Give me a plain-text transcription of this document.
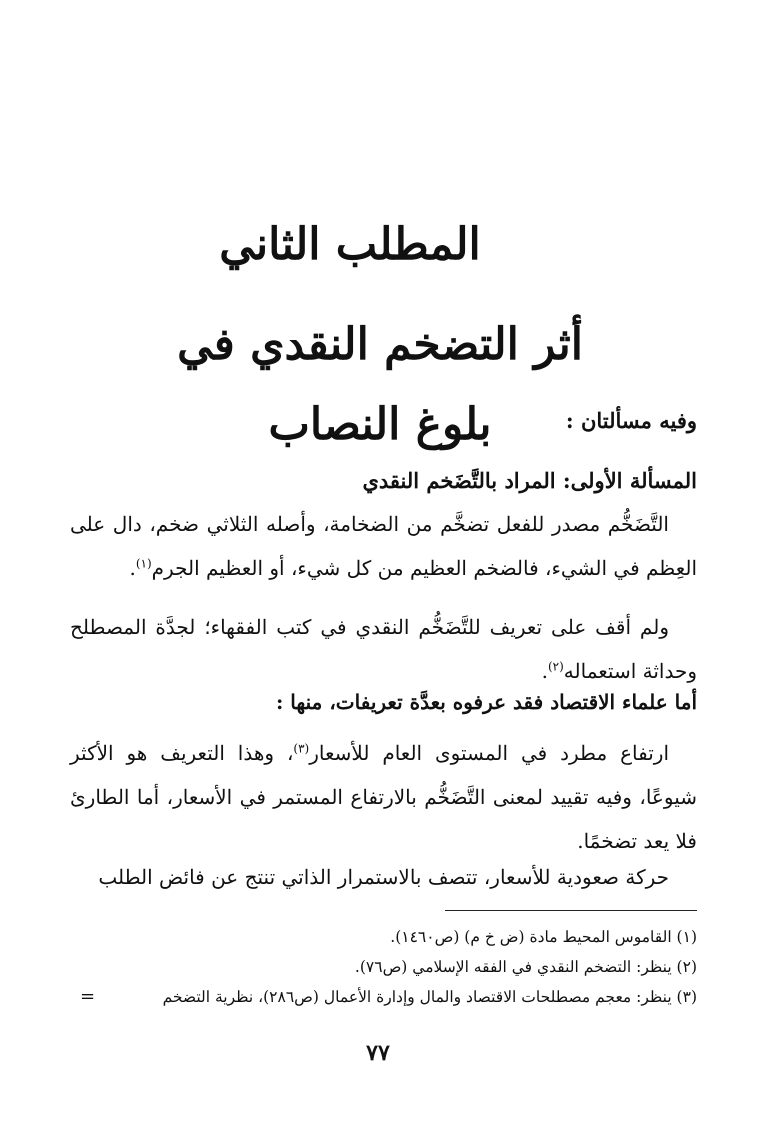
المطلب الثاني
أثر التضخم النقدي في بلوغ النصاب	وفيه مسألتان :
المسألة الأولى: المراد بالتَّضَخم النقدي
التَّضَخُّم مصدر للفعل تضخَّم من الضخامة، وأصله الثلاثي ضخم، دال على العِظم في الشيء، فالضخم العظيم من كل شيء، أو العظيم الجرم$^{(١)}$.
ولم أقف على تعريف للتَّضَخُّم النقدي في كتب الفقهاء؛ لجدَّة المصطلح وحداثة استعماله$^{(٢)}$.
أما علماء الاقتصاد فقد عرفوه بعدَّة تعريفات، منها :
ارتفاع مطرد في المستوى العام للأسعار$^{(٣)}$، وهذا التعريف هو الأكثر شيوعًا، وفيه تقييد لمعنى التَّضَخُّم بالارتفاع المستمر في الأسعار، أما الطارئ فلا يعد تضخمًا.
حركة صعودية للأسعار، تتصف بالاستمرار الذاتي تنتج عن فائض الطلب
(١) القاموس المحيط مادة (ض خ م) (ص١٤٦٠).
(٢) ينظر: التضخم النقدي في الفقه الإسلامي (ص٧٦).
(٣) ينظر: معجم مصطلحات الاقتصاد والمال وإدارة الأعمال (ص٢٨٦)، نظرية التضخم
=
٧٧
